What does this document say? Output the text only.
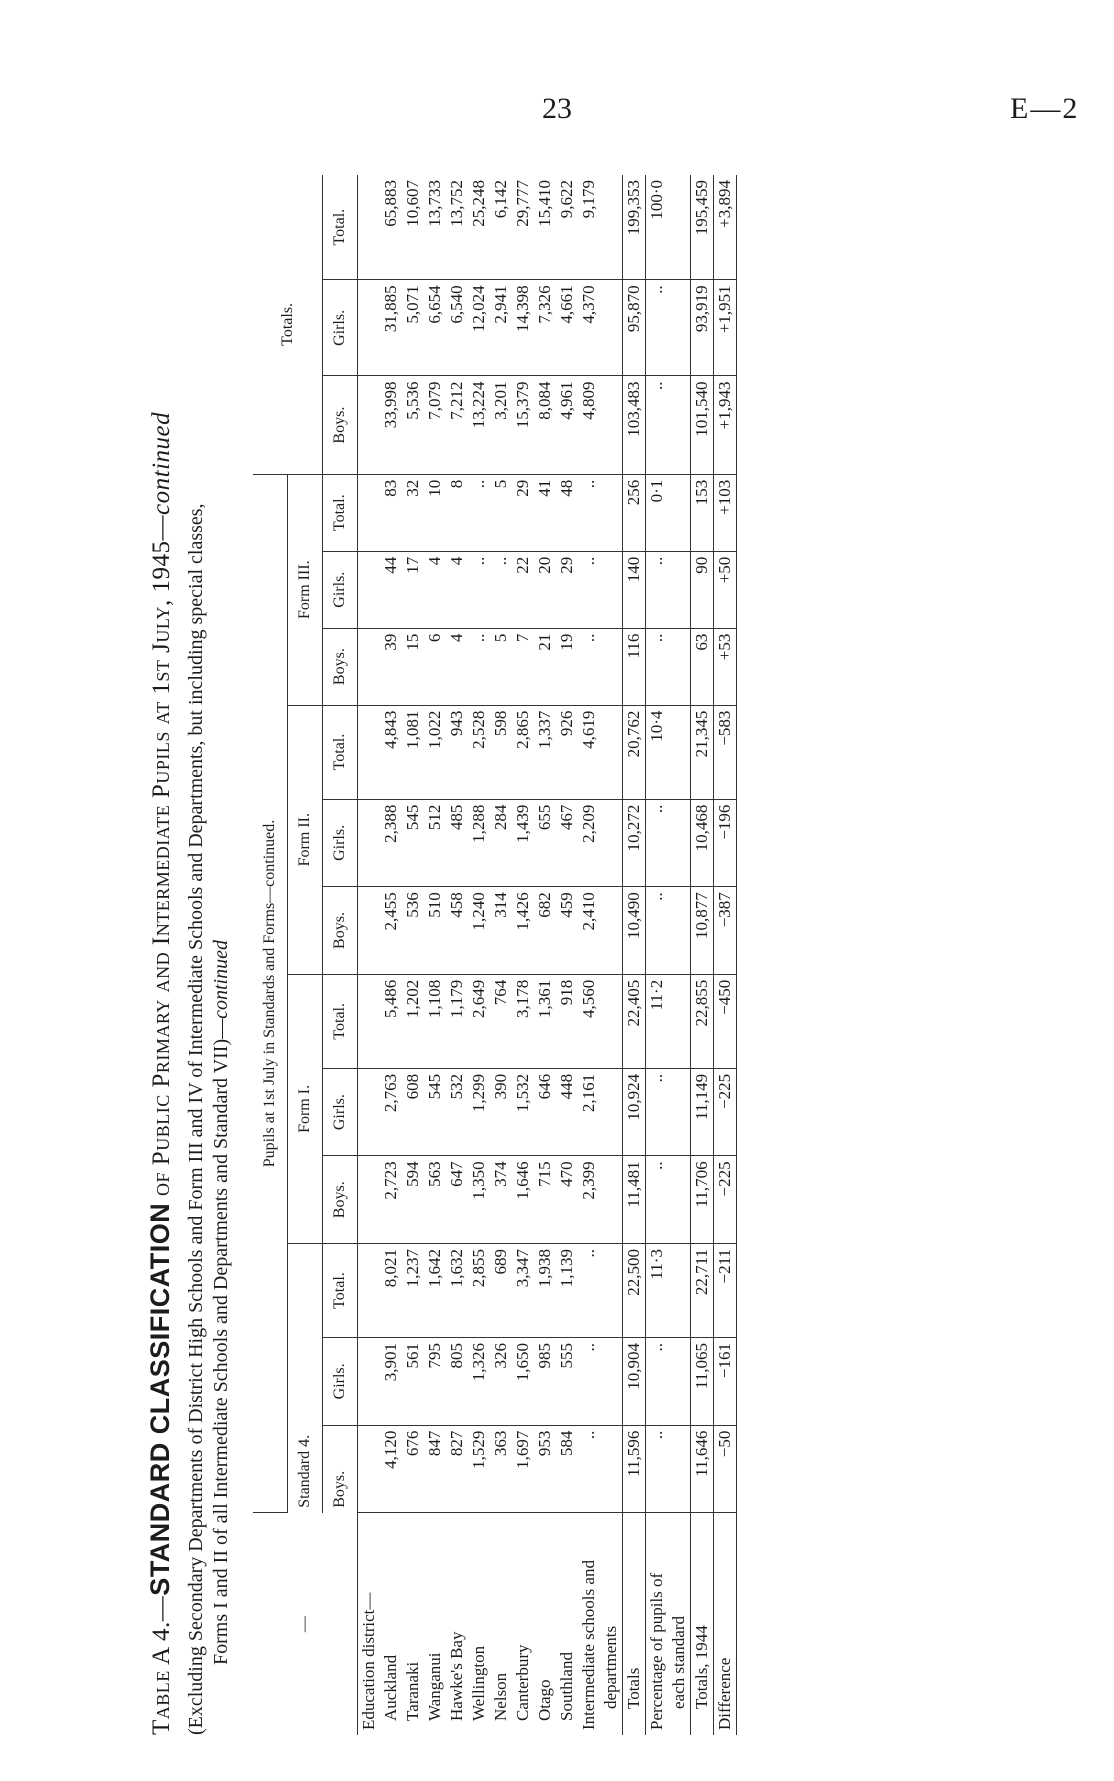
23	E—2
Table A 4.—STANDARD CLASSIFICATION of Public Primary and Intermediate Pupils at 1st July, 1945—continued
(Excluding Secondary Departments of District High Schools and Form III and IV of Intermediate Schools and Departments, but including special classes, Forms I and II of all Intermediate Schools and Departments and Standard VII)—continued
—	Pupils at 1st July in Standards and Forms—continued.												Totals.		
	Standard 4.			Form I.			Form II.			Form III.					
	Boys.	Girls.	Total.	Boys.	Girls.	Total.	Boys.	Girls.	Total.	Boys.	Girls.	Total.	Boys.	Girls.	Total.
Education district—															
Auckland	4,120	3,901	8,021	2,723	2,763	5,486	2,455	2,388	4,843	39	44	83	33,998	31,885	65,883
Taranaki	676	561	1,237	594	608	1,202	536	545	1,081	15	17	32	5,536	5,071	10,607
Wanganui	847	795	1,642	563	545	1,108	510	512	1,022	6	4	10	7,079	6,654	13,733
Hawke's Bay	827	805	1,632	647	532	1,179	458	485	943	4	4	8	7,212	6,540	13,752
Wellington	1,529	1,326	2,855	1,350	1,299	2,649	1,240	1,288	2,528	..	..	..	13,224	12,024	25,248
Nelson	363	326	689	374	390	764	314	284	598	5	..	5	3,201	2,941	6,142
Canterbury	1,697	1,650	3,347	1,646	1,532	3,178	1,426	1,439	2,865	7	22	29	15,379	14,398	29,777
Otago	953	985	1,938	715	646	1,361	682	655	1,337	21	20	41	8,084	7,326	15,410
Southland	584	555	1,139	470	448	918	459	467	926	19	29	48	4,961	4,661	9,622
Intermediate schools and	..	..	..	2,399	2,161	4,560	2,410	2,209	4,619	..	..	..	4,809	4,370	9,179
departments															
Totals	11,596	10,904	22,500	11,481	10,924	22,405	10,490	10,272	20,762	116	140	256	103,483	95,870	199,353
Percentage of pupils of	..	..	11·3	..	..	11·2	..	..	10·4	..	..	0·1	..	..	100·0
each standard															
Totals, 1944	11,646	11,065	22,711	11,706	11,149	22,855	10,877	10,468	21,345	63	90	153	101,540	93,919	195,459
Difference	−50	−161	−211	−225	−225	−450	−387	−196	−583	+53	+50	+103	+1,943	+1,951	+3,894
